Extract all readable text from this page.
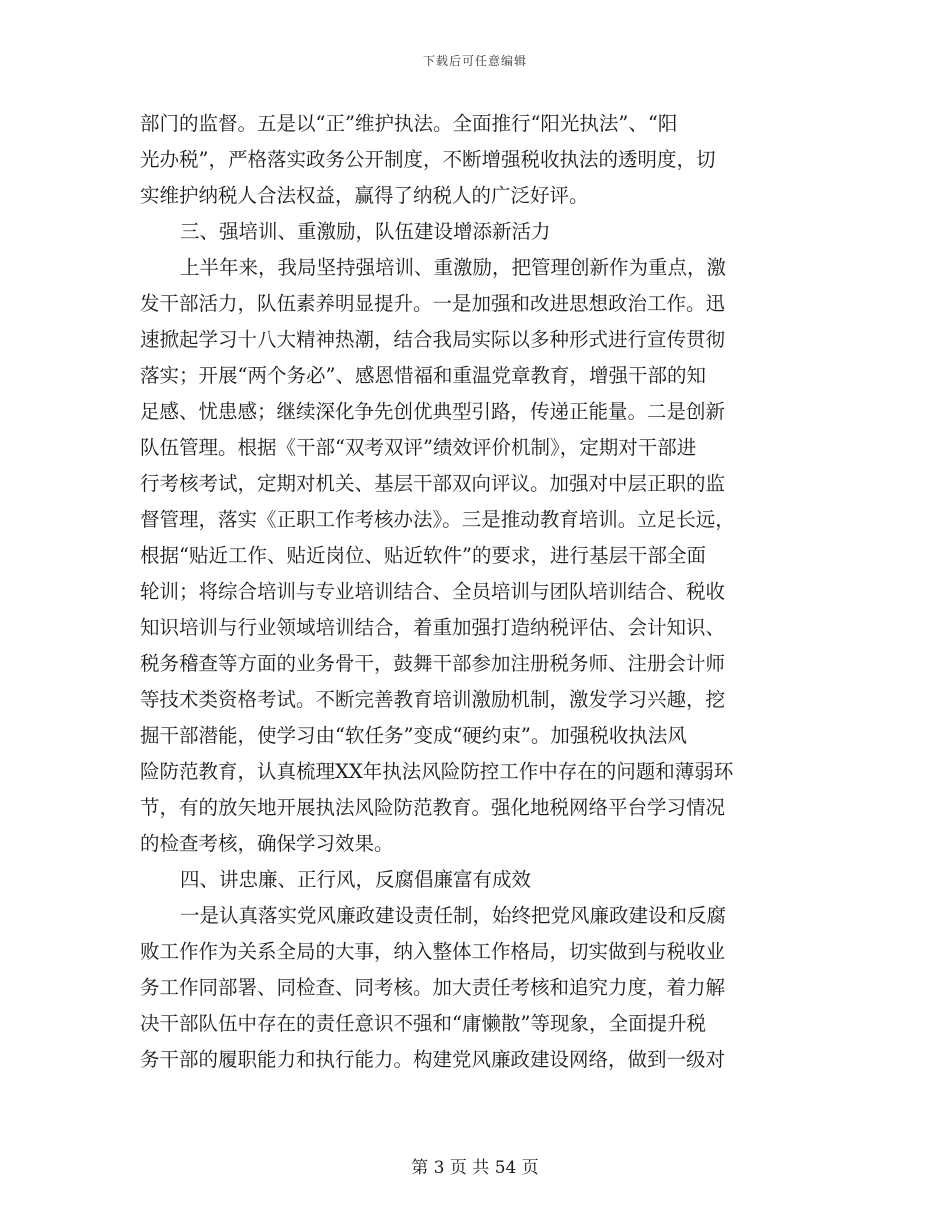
下载后可任意编辑
部门的监督。五是以“正”维护执法。全面推行“阳光执法”、“阳
光办税”，严格落实政务公开制度，不断增强税收执法的透明度，切
实维护纳税人合法权益，赢得了纳税人的广泛好评。
三、强培训、重激励，队伍建设增添新活力
上半年来，我局坚持强培训、重激励，把管理创新作为重点，激
发干部活力，队伍素养明显提升。一是加强和改进思想政治工作。迅
速掀起学习十八大精神热潮，结合我局实际以多种形式进行宣传贯彻
落实；开展“两个务必”、感恩惜福和重温党章教育，增强干部的知
足感、忧患感；继续深化争先创优典型引路，传递正能量。二是创新
队伍管理。根据《干部“双考双评”绩效评价机制》，定期对干部进
行考核考试，定期对机关、基层干部双向评议。加强对中层正职的监
督管理，落实《正职工作考核办法》。三是推动教育培训。立足长远，
根据“贴近工作、贴近岗位、贴近软件”的要求，进行基层干部全面
轮训；将综合培训与专业培训结合、全员培训与团队培训结合、税收
知识培训与行业领域培训结合，着重加强打造纳税评估、会计知识、
税务稽查等方面的业务骨干，鼓舞干部参加注册税务师、注册会计师
等技术类资格考试。不断完善教育培训激励机制，激发学习兴趣，挖
掘干部潜能，使学习由“软任务”变成“硬约束”。加强税收执法风
险防范教育，认真梳理XX年执法风险防控工作中存在的问题和薄弱环
节，有的放矢地开展执法风险防范教育。强化地税网络平台学习情况
的检查考核，确保学习效果。
四、讲忠廉、正行风，反腐倡廉富有成效
一是认真落实党风廉政建设责任制，始终把党风廉政建设和反腐
败工作作为关系全局的大事，纳入整体工作格局，切实做到与税收业
务工作同部署、同检查、同考核。加大责任考核和追究力度，着力解
决干部队伍中存在的责任意识不强和“庸懒散”等现象，全面提升税
务干部的履职能力和执行能力。构建党风廉政建设网络，做到一级对
第 3 页 共 54 页
